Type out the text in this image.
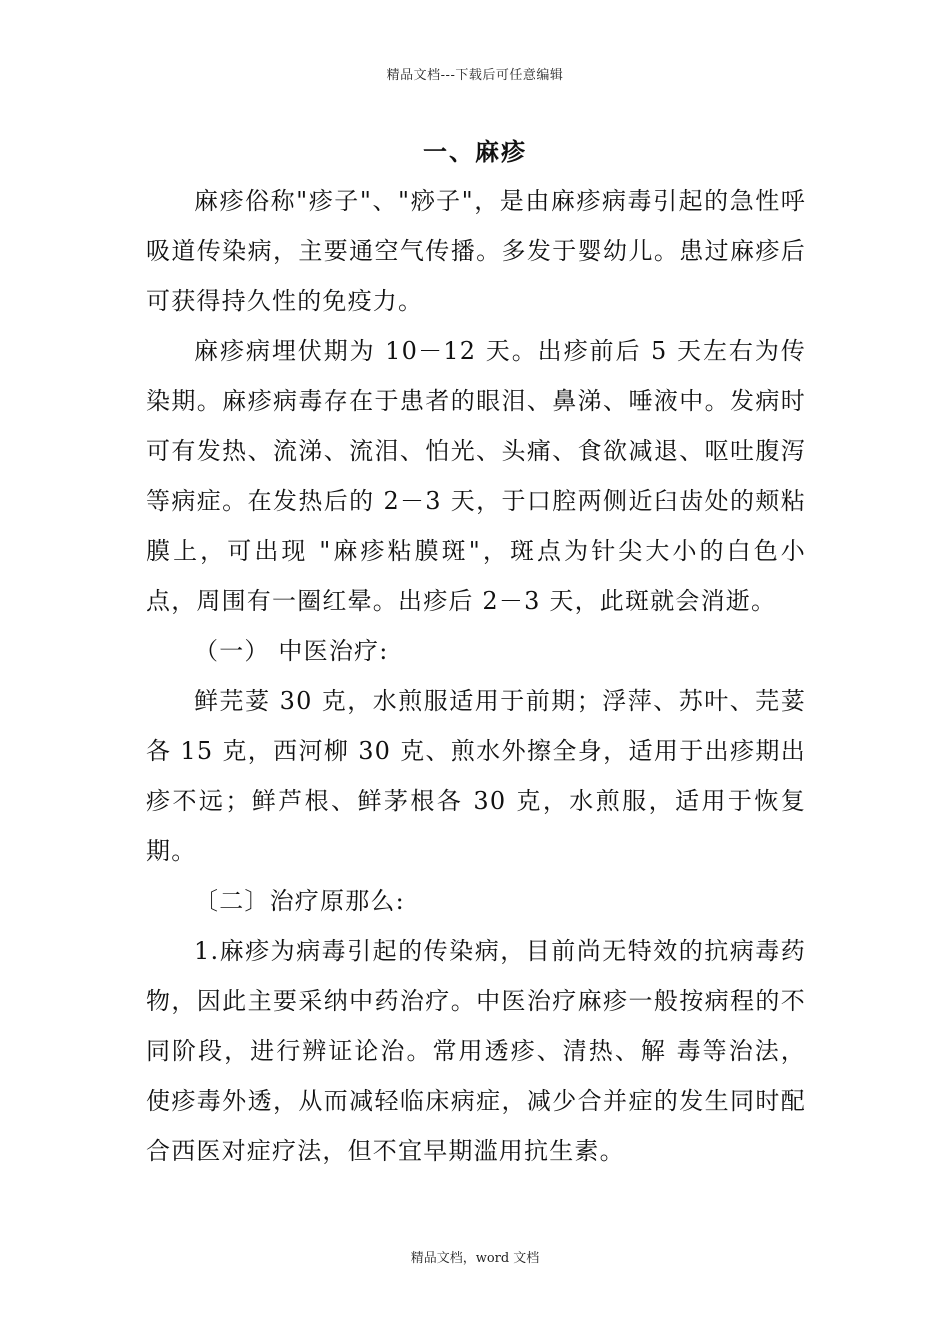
精品文档---下载后可任意编辑
一、麻疹

麻疹俗称"疹子"、"痧子"，是由麻疹病毒引起的急性呼吸道传染病，主要通空气传播。多发于婴幼儿。患过麻疹后可获得持久性的免疫力。

麻疹病埋伏期为 10－12 天。出疹前后 5 天左右为传染期。麻疹病毒存在于患者的眼泪、鼻涕、唾液中。发病时可有发热、流涕、流泪、怕光、头痛、食欲减退、呕吐腹泻等病症。在发热后的 2－3 天，于口腔两侧近臼齿处的颊粘膜上，可出现 "麻疹粘膜斑"，斑点为针尖大小的白色小点，周围有一圈红晕。出疹后 2－3 天，此斑就会消逝。

（一） 中医治疗:

鲜芫荽 30 克，水煎服适用于前期；浮萍、苏叶、芫荽各 15 克，西河柳 30 克、煎水外擦全身，适用于出疹期出疹不远；鲜芦根、鲜茅根各 30 克，水煎服，适用于恢复期。

〔二〕治疗原那么:

1.麻疹为病毒引起的传染病，目前尚无特效的抗病毒药物，因此主要采纳中药治疗。中医治疗麻疹一般按病程的不同阶段，进行辨证论治。常用透疹、清热、解 毒等治法，使疹毒外透，从而减轻临床病症，减少合并症的发生同时配合西医对症疗法，但不宜早期滥用抗生素。

精品文档，word 文档
